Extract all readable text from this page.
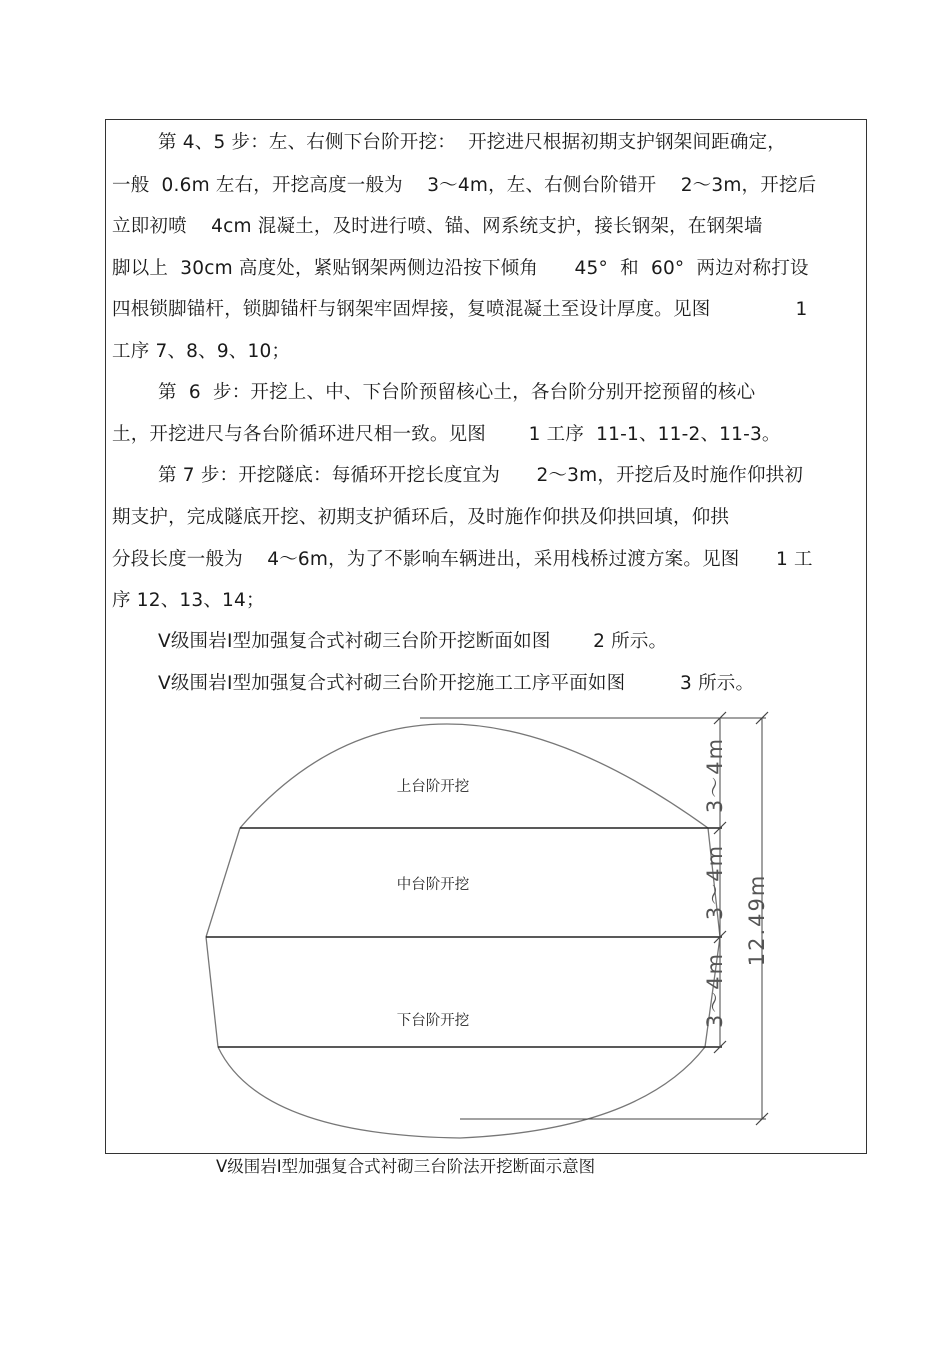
第 4、5 步：左、右侧下台阶开挖：  开挖进尺根据初期支护钢架间距确定，
一般  0.6m 左右，开挖高度一般为    3～4m，左、右侧台阶错开    2～3m，开挖后
立即初喷    4cm 混凝土，及时进行喷、锚、网系统支护，接长钢架，在钢架墙
脚以上  30cm 高度处，紧贴钢架两侧边沿按下倾角      45°  和  60°  两边对称打设
四根锁脚锚杆，锁脚锚杆与钢架牢固焊接，复喷混凝土至设计厚度。见图              1
工序 7、8、9、10；
第  6  步：开挖上、中、下台阶预留核心土，各台阶分别开挖预留的核心
土，开挖进尺与各台阶循环进尺相一致。见图       1 工序  11-1、11-2、11-3。
第 7 步：开挖隧底：每循环开挖长度宜为      2～3m，开挖后及时施作仰拱初
期支护，完成隧底开挖、初期支护循环后，及时施作仰拱及仰拱回填，仰拱
分段长度一般为    4～6m，为了不影响车辆进出，采用栈桥过渡方案。见图      1 工
序 12、13、14；
Ⅴ级围岩Ⅰ型加强复合式衬砌三台阶开挖断面如图       2 所示。
Ⅴ级围岩Ⅰ型加强复合式衬砌三台阶开挖施工工序平面如图         3 所示。
上台阶开挖
中台阶开挖
下台阶开挖
3～4m
3～4m
3～4m
12.49m
Ⅴ级围岩Ⅰ型加强复合式衬砌三台阶法开挖断面示意图
